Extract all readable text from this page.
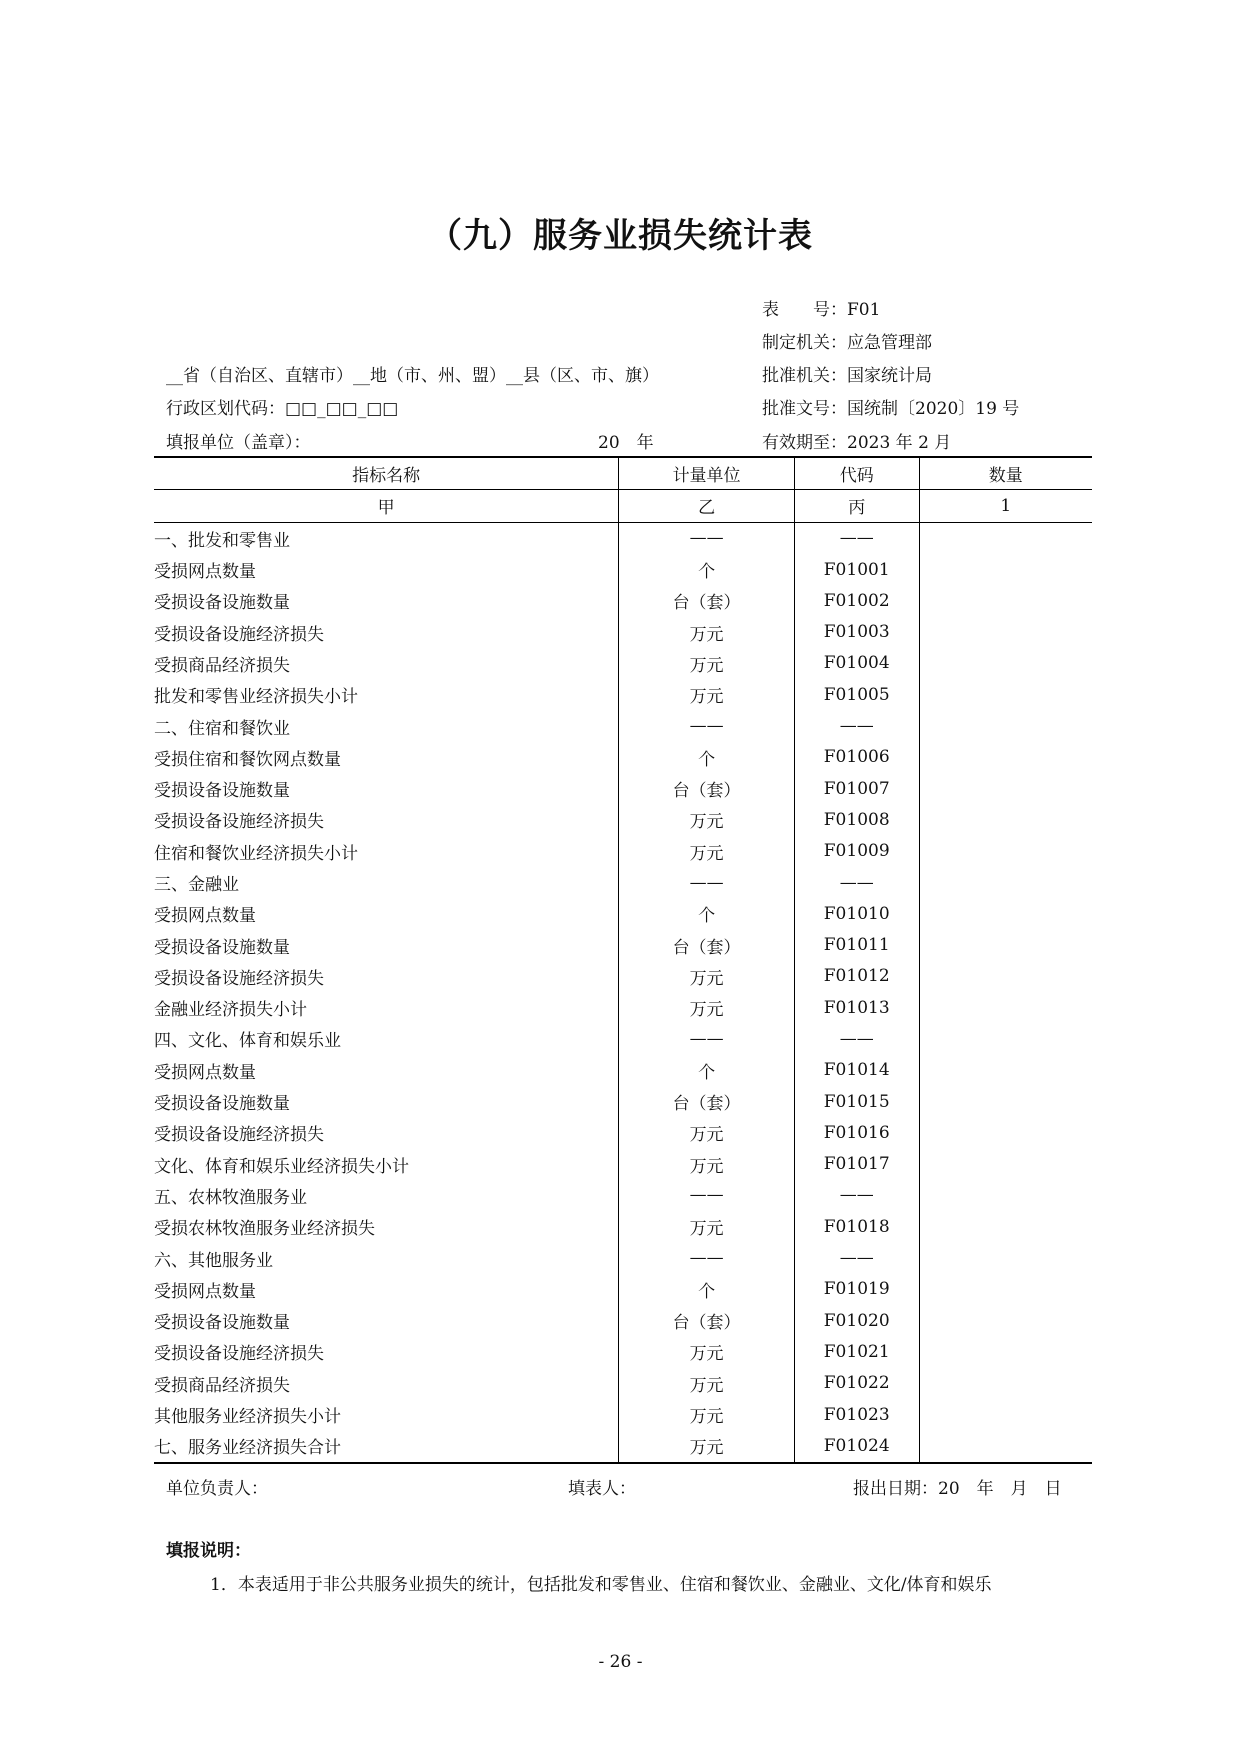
（九）服务业损失统计表
表　　号：F01
制定机关：应急管理部
__省（自治区、直辖市）__地（市、州、盟）__县（区、市、旗）	批准机关：国家统计局
行政区划代码：□□_□□_□□	批准文号：国统制〔2020〕19 号
填报单位（盖章）：	20　年	有效期至：2023 年 2 月
指标名称	计量单位	代码	数量
甲	乙	丙	1
一、批发和零售业	——	——	
受损网点数量	个	F01001	
受损设备设施数量	台（套）	F01002	
受损设备设施经济损失	万元	F01003	
受损商品经济损失	万元	F01004	
批发和零售业经济损失小计	万元	F01005	
二、住宿和餐饮业	——	——	
受损住宿和餐饮网点数量	个	F01006	
受损设备设施数量	台（套）	F01007	
受损设备设施经济损失	万元	F01008	
住宿和餐饮业经济损失小计	万元	F01009	
三、金融业	——	——	
受损网点数量	个	F01010	
受损设备设施数量	台（套）	F01011	
受损设备设施经济损失	万元	F01012	
金融业经济损失小计	万元	F01013	
四、文化、体育和娱乐业	——	——	
受损网点数量	个	F01014	
受损设备设施数量	台（套）	F01015	
受损设备设施经济损失	万元	F01016	
文化、体育和娱乐业经济损失小计	万元	F01017	
五、农林牧渔服务业	——	——	
受损农林牧渔服务业经济损失	万元	F01018	
六、其他服务业	——	——	
受损网点数量	个	F01019	
受损设备设施数量	台（套）	F01020	
受损设备设施经济损失	万元	F01021	
受损商品经济损失	万元	F01022	
其他服务业经济损失小计	万元	F01023	
七、服务业经济损失合计	万元	F01024	
单位负责人：	填表人：	报出日期：20　年　月　日
填报说明：
1．本表适用于非公共服务业损失的统计，包括批发和零售业、住宿和餐饮业、金融业、文化/体育和娱乐
- 26 -
